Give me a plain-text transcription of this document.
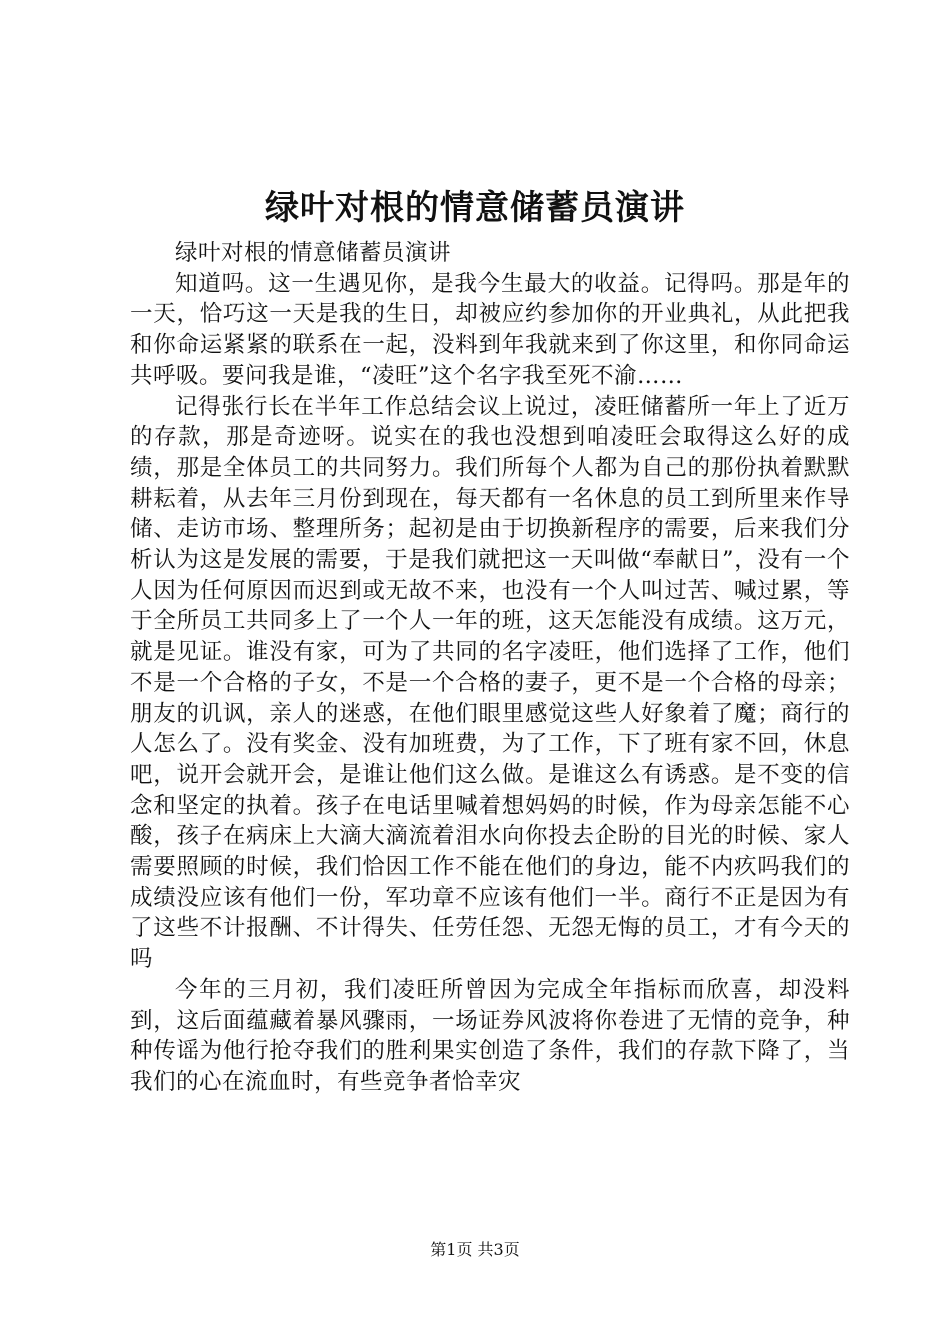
绿叶对根的情意储蓄员演讲

绿叶对根的情意储蓄员演讲

知道吗。这一生遇见你，是我今生最大的收益。记得吗。那是年的一天，恰巧这一天是我的生日，却被应约参加你的开业典礼，从此把我和你命运紧紧的联系在一起，没料到年我就来到了你这里，和你同命运共呼吸。要问我是谁，“凌旺”这个名字我至死不渝……

记得张行长在半年工作总结会议上说过，凌旺储蓄所一年上了近万的存款，那是奇迹呀。说实在的我也没想到咱凌旺会取得这么好的成绩，那是全体员工的共同努力。我们所每个人都为自己的那份执着默默耕耘着，从去年三月份到现在，每天都有一名休息的员工到所里来作导储、走访市场、整理所务；起初是由于切换新程序的需要，后来我们分析认为这是发展的需要，于是我们就把这一天叫做“奉献日”，没有一个人因为任何原因而迟到或无故不来，也没有一个人叫过苦、喊过累，等于全所员工共同多上了一个人一年的班，这天怎能没有成绩。这万元，就是见证。谁没有家，可为了共同的名字凌旺，他们选择了工作，他们不是一个合格的子女，不是一个合格的妻子，更不是一个合格的母亲；朋友的讥讽，亲人的迷惑，在他们眼里感觉这些人好象着了魔；商行的人怎么了。没有奖金、没有加班费，为了工作，下了班有家不回，休息吧，说开会就开会，是谁让他们这么做。是谁这么有诱惑。是不变的信念和坚定的执着。孩子在电话里喊着想妈妈的时候，作为母亲怎能不心酸，孩子在病床上大滴大滴流着泪水向你投去企盼的目光的时候、家人需要照顾的时候，我们恰因工作不能在他们的身边，能不内疚吗我们的成绩没应该有他们一份，军功章不应该有他们一半。商行不正是因为有了这些不计报酬、不计得失、任劳任怨、无怨无悔的员工，才有今天的吗

今年的三月初，我们凌旺所曾因为完成全年指标而欣喜，却没料到，这后面蕴藏着暴风骤雨，一场证券风波将你卷进了无情的竞争，种种传谣为他行抢夺我们的胜利果实创造了条件，我们的存款下降了，当我们的心在流血时，有些竞争者恰幸灾

第1页 共3页
